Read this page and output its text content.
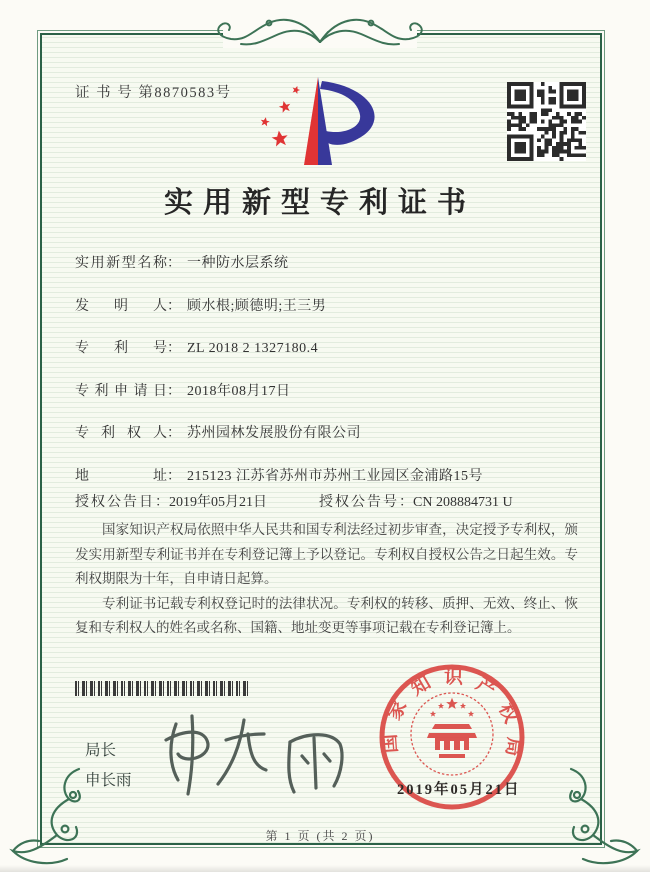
证 书 号 第8870583号
实用新型专利证书
实用新型名称： 一种防水层系统
发明人： 顾水根;顾德明;王三男
专利号： ZL 2018 2 1327180.4
专利申请日： 2018年08月17日
专利权人： 苏州园林发展股份有限公司
地址： 215123 江苏省苏州市苏州工业园区金浦路15号
授权公告日：2019年05月21日	授权公告号：CN 208884731 U

国家知识产权局依照中华人民共和国专利法经过初步审查，决定授予专利权，颁发实用新型专利证书并在专利登记簿上予以登记。专利权自授权公告之日起生效。专利权期限为十年，自申请日起算。

专利证书记载专利权登记时的法律状况。专利权的转移、质押、无效、终止、恢复和专利权人的姓名或名称、国籍、地址变更等事项记载在专利登记簿上。

局长
申长雨
国家知识产权局
2019年05月21日
第 1 页 (共 2 页)
